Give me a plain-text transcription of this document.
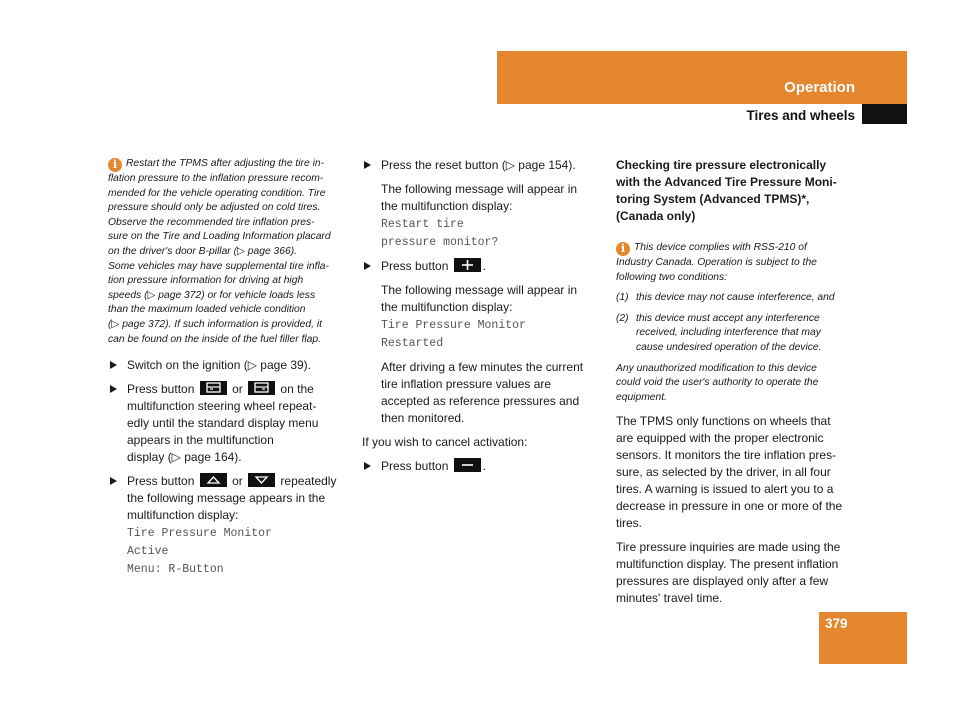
Operation
Tires and wheels

i Restart the TPMS after adjusting the tire in-
flation pressure to the inflation pressure recom-
mended for the vehicle operating condition. Tire
pressure should only be adjusted on cold tires.
Observe the recommended tire inflation pres-
sure on the Tire and Loading Information placard
on the driver's door B-pillar (▷ page 366).
Some vehicles may have supplemental tire infla-
tion pressure information for driving at high
speeds (▷ page 372) or for vehicle loads less
than the maximum loaded vehicle condition
(▷ page 372). If such information is provided, it
can be found on the inside of the fuel filler flap.

Switch on the ignition (▷ page 39).
Press button	or	on the
multifunction steering wheel repeat-
edly until the standard display menu
appears in the multifunction
display (▷ page 164).
Press button	or	repeatedly
the following message appears in the
multifunction display:
Tire Pressure Monitor
Active
Menu: R-Button
Press the reset button (▷ page 154).
The following message will appear in
the multifunction display:
Restart tire
pressure monitor?
Press button	.
The following message will appear in
the multifunction display:
Tire Pressure Monitor
Restarted
After driving a few minutes the current
tire inflation pressure values are
accepted as reference pressures and
then monitored.

If you wish to cancel activation:

Press button	.

Checking tire pressure electronically
with the Advanced Tire Pressure Moni-
toring System (Advanced TPMS)*,
(Canada only)

i This device complies with RSS-210 of
Industry Canada. Operation is subject to the
following two conditions:

(1) this device may not cause interference, and
(2) this device must accept any interference
received, including interference that may
cause undesired operation of the device.

Any unauthorized modification to this device
could void the user's authority to operate the
equipment.

The TPMS only functions on wheels that
are equipped with the proper electronic
sensors. It monitors the tire inflation pres-
sure, as selected by the driver, in all four
tires. A warning is issued to alert you to a
decrease in pressure in one or more of the
tires.

Tire pressure inquiries are made using the
multifunction display. The present inflation
pressures are displayed only after a few
minutes' travel time.

379
